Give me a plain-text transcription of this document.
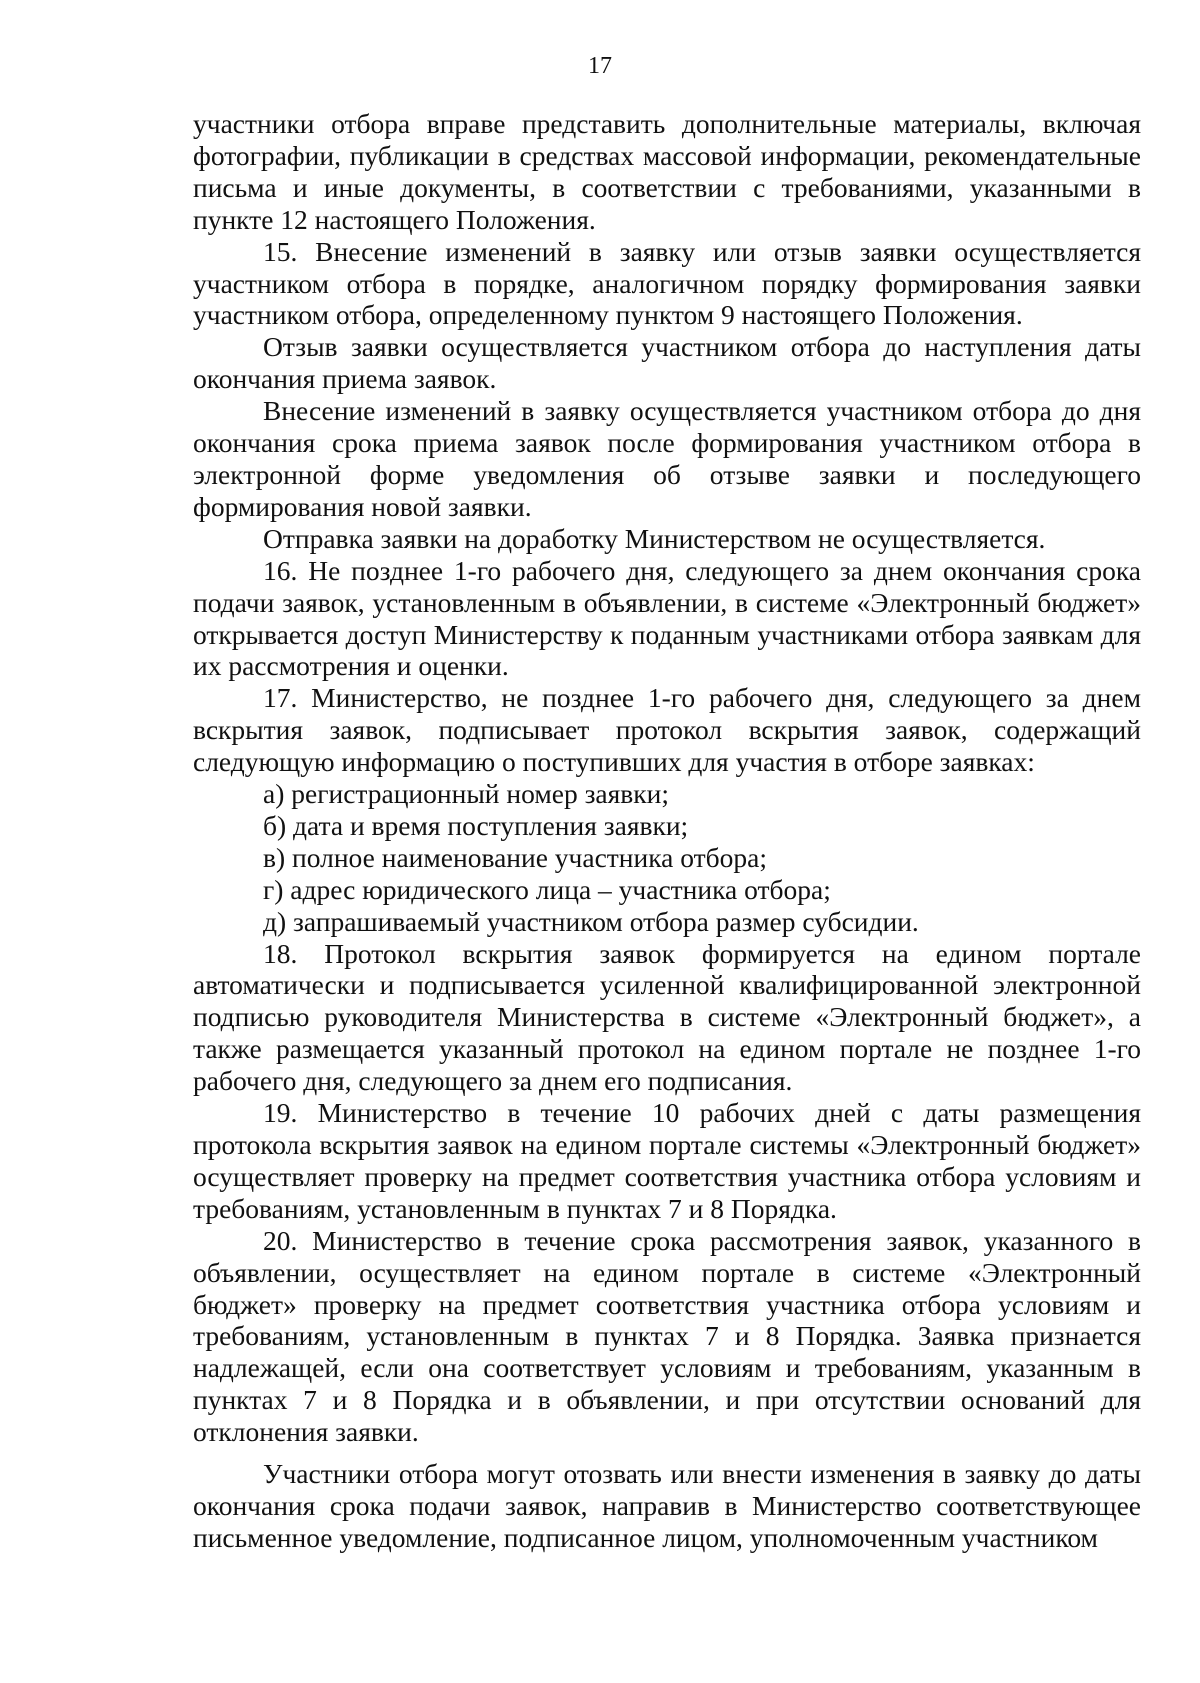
17

участники отбора вправе представить дополнительные материалы, включая фотографии, публикации в средствах массовой информации, рекомендательные письма и иные документы, в соответствии с требованиями, указанными в пункте 12 настоящего Положения.

15. Внесение изменений в заявку или отзыв заявки осуществляется участником отбора в порядке, аналогичном порядку формирования заявки участником отбора, определенному пунктом 9 настоящего Положения.

Отзыв заявки осуществляется участником отбора до наступления даты окончания приема заявок.

Внесение изменений в заявку осуществляется участником отбора до дня окончания срока приема заявок после формирования участником отбора в электронной форме уведомления об отзыве заявки и последующего формирования новой заявки.

Отправка заявки на доработку Министерством не осуществляется.

16. Не позднее 1-го рабочего дня, следующего за днем окончания срока подачи заявок, установленным в объявлении, в системе «Электронный бюджет» открывается доступ Министерству к поданным участниками отбора заявкам для их рассмотрения и оценки.

17. Министерство, не позднее 1-го рабочего дня, следующего за днем вскрытия заявок, подписывает протокол вскрытия заявок, содержащий следующую информацию о поступивших для участия в отборе заявках:

а) регистрационный номер заявки;

б) дата и время поступления заявки;

в) полное наименование участника отбора;

г) адрес юридического лица – участника отбора;

д) запрашиваемый участником отбора размер субсидии.

18. Протокол вскрытия заявок формируется на едином портале автоматически и подписывается усиленной квалифицированной электронной подписью руководителя Министерства в системе «Электронный бюджет», а также размещается указанный протокол на едином портале не позднее 1-го рабочего дня, следующего за днем его подписания.

19. Министерство в течение 10 рабочих дней с даты размещения протокола вскрытия заявок на едином портале системы «Электронный бюджет» осуществляет проверку на предмет соответствия участника отбора условиям и требованиям, установленным в пунктах 7 и 8 Порядка.

20. Министерство в течение срока рассмотрения заявок, указанного в объявлении, осуществляет на едином портале в системе «Электронный бюджет» проверку на предмет соответствия участника отбора условиям и требованиям, установленным в пунктах 7 и 8 Порядка. Заявка признается надлежащей, если она соответствует условиям и требованиям, указанным в пунктах 7 и 8 Порядка и в объявлении, и при отсутствии оснований для отклонения заявки.

Участники отбора могут отозвать или внести изменения в заявку до даты окончания срока подачи заявок, направив в Министерство соответствующее письменное уведомление, подписанное лицом, уполномоченным участником
